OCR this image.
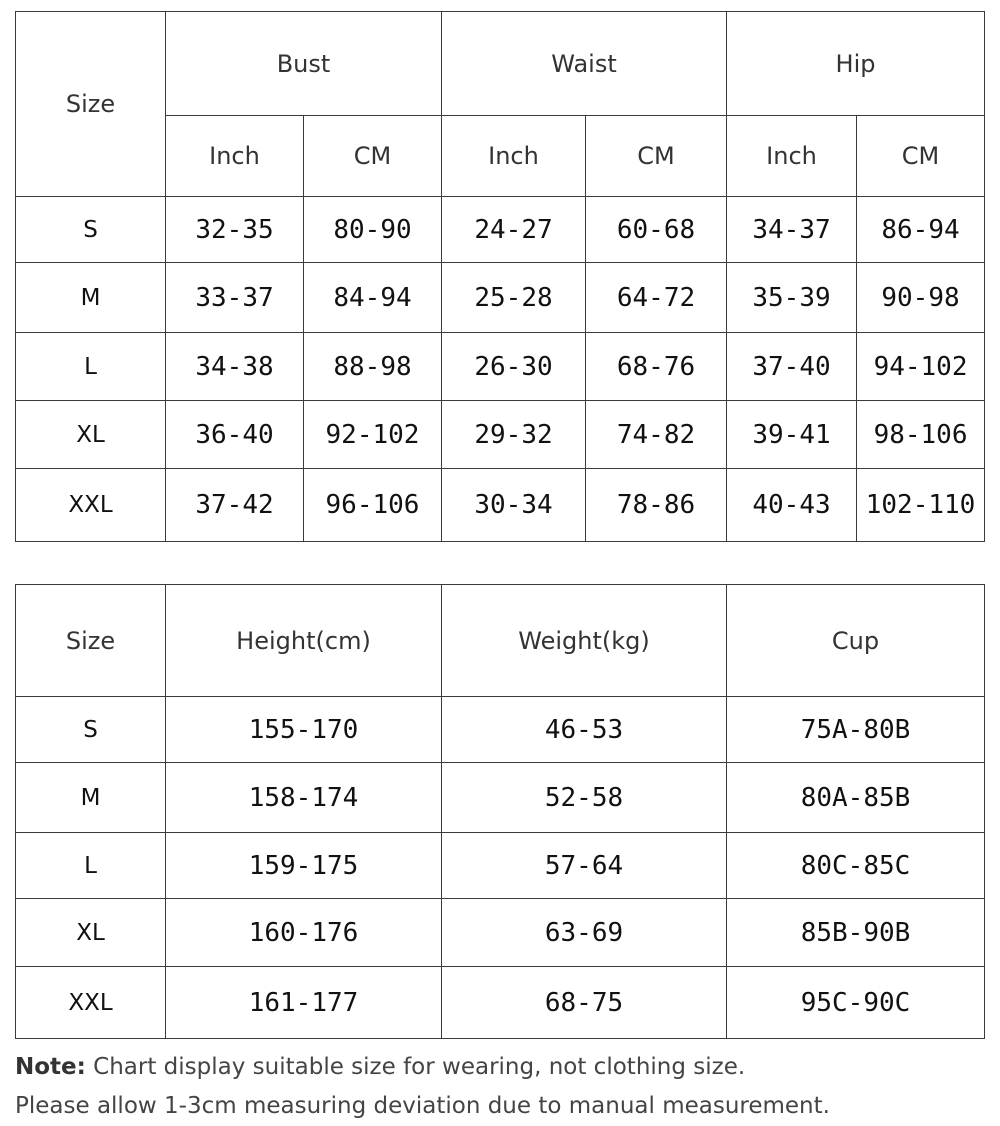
Size	Bust		Waist		Hip	
	Inch	CM	Inch	CM	Inch	CM
S	32-35	80-90	24-27	60-68	34-37	86-94
M	33-37	84-94	25-28	64-72	35-39	90-98
L	34-38	88-98	26-30	68-76	37-40	94-102
XL	36-40	92-102	29-32	74-82	39-41	98-106
XXL	37-42	96-106	30-34	78-86	40-43	102-110
Size	Height(cm)	Weight(kg)	Cup
S	155-170	46-53	75A-80B
M	158-174	52-58	80A-85B
L	159-175	57-64	80C-85C
XL	160-176	63-69	85B-90B
XXL	161-177	68-75	95C-90C
Note: Chart display suitable size for wearing, not clothing size.
Please allow 1-3cm measuring deviation due to manual measurement.
